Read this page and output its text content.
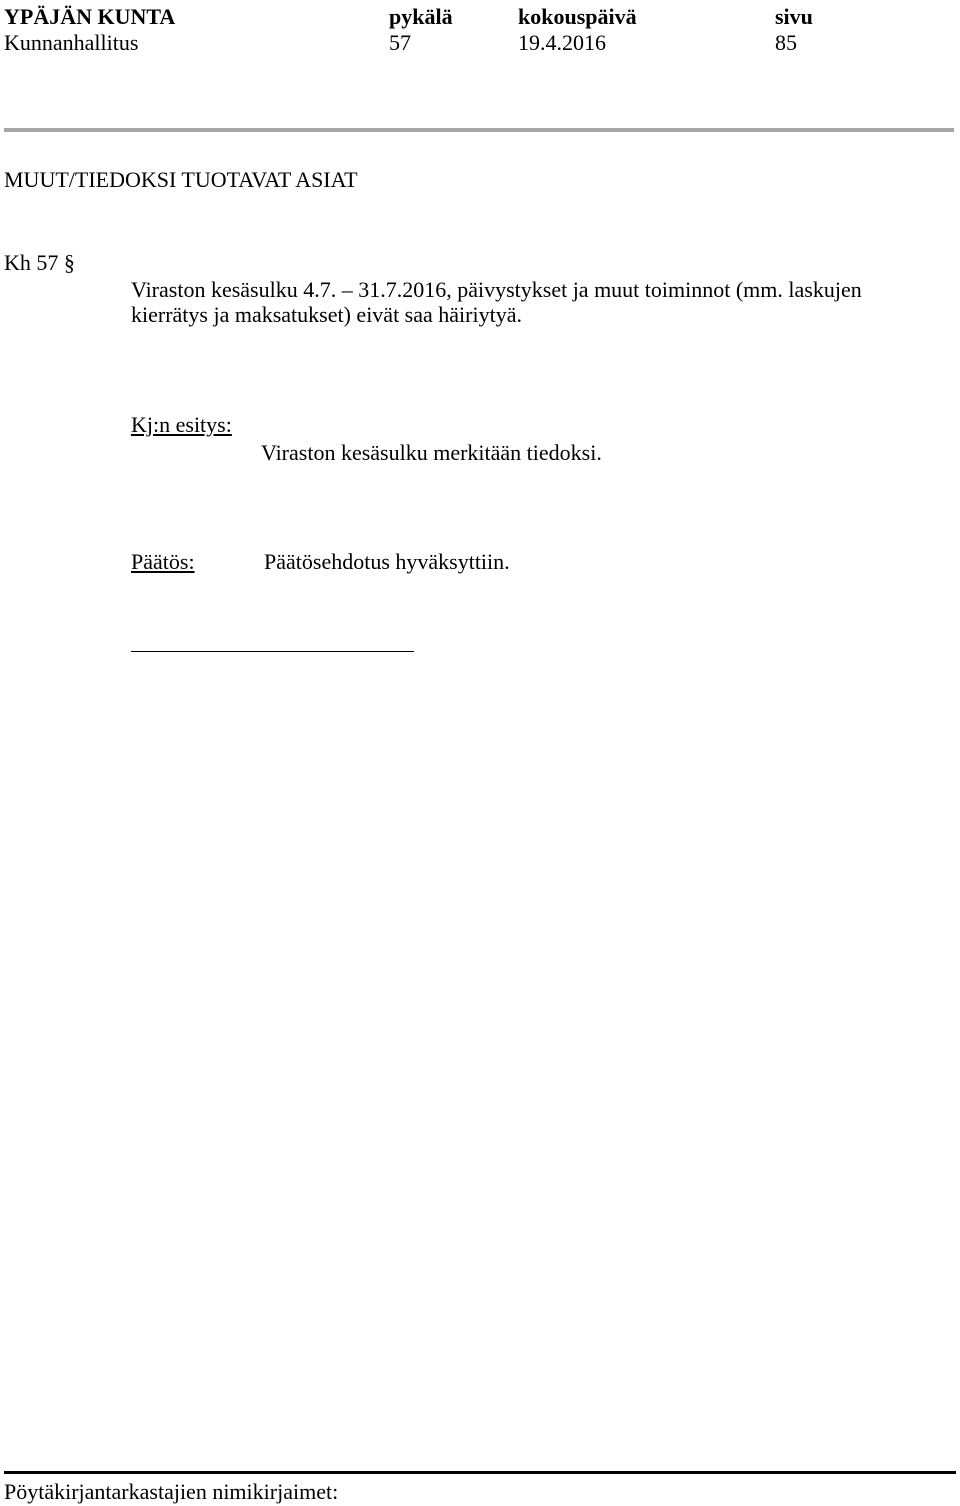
YPÄJÄN KUNTA	pykälä	kokouspäivä	sivu
Kunnanhallitus	57	19.4.2016	85
MUUT/TIEDOKSI TUOTAVAT ASIAT
Kh 57 §
Viraston kesäsulku 4.7. – 31.7.2016, päivystykset ja muut toiminnot (mm. laskujen kierrätys ja maksatukset) eivät saa häiriytyä.
Kj:n esitys:
Viraston kesäsulku merkitään tiedoksi.
Päätös:	Päätösehdotus hyväksyttiin.
Pöytäkirjantarkastajien nimikirjaimet:
